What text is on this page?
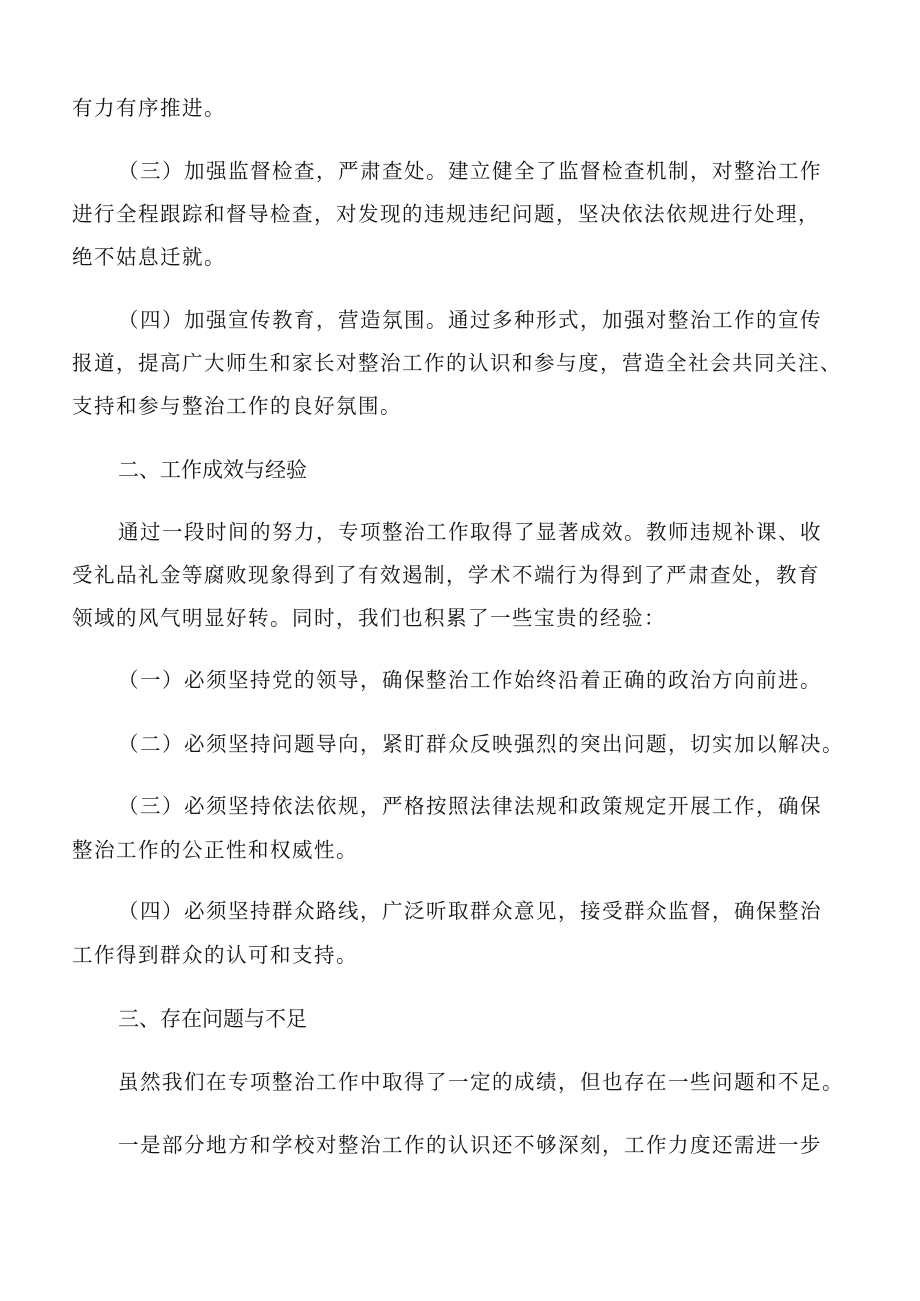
有力有序推进。

（三）加强监督检查，严肃查处。建立健全了监督检查机制，对整治工作

进行全程跟踪和督导检查，对发现的违规违纪问题，坚决依法依规进行处理，

绝不姑息迁就。

（四）加强宣传教育，营造氛围。通过多种形式，加强对整治工作的宣传

报道，提高广大师生和家长对整治工作的认识和参与度，营造全社会共同关注、

支持和参与整治工作的良好氛围。

二、工作成效与经验

通过一段时间的努力，专项整治工作取得了显著成效。教师违规补课、收

受礼品礼金等腐败现象得到了有效遏制，学术不端行为得到了严肃查处，教育

领域的风气明显好转。同时，我们也积累了一些宝贵的经验：

（一）必须坚持党的领导，确保整治工作始终沿着正确的政治方向前进。

（二）必须坚持问题导向，紧盯群众反映强烈的突出问题，切实加以解决。

（三）必须坚持依法依规，严格按照法律法规和政策规定开展工作，确保

整治工作的公正性和权威性。

（四）必须坚持群众路线，广泛听取群众意见，接受群众监督，确保整治

工作得到群众的认可和支持。

三、存在问题与不足

虽然我们在专项整治工作中取得了一定的成绩，但也存在一些问题和不足。

一是部分地方和学校对整治工作的认识还不够深刻，工作力度还需进一步
